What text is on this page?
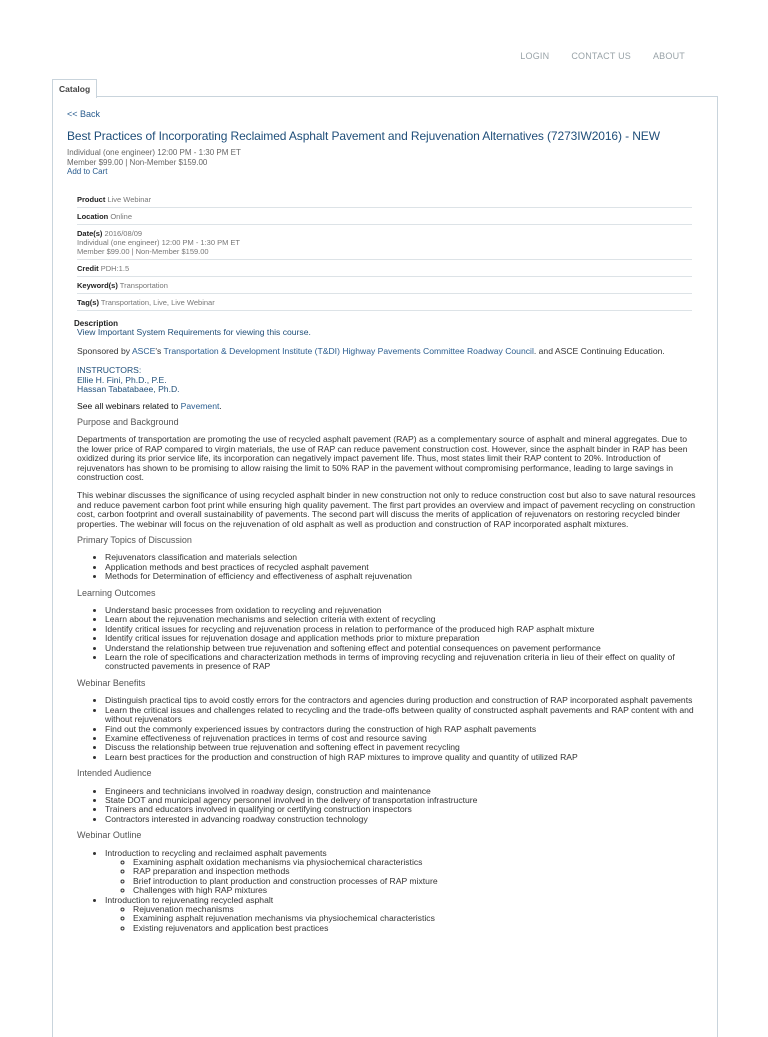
LOGIN CONTACT US ABOUT
Catalog
<< Back
Best Practices of Incorporating Reclaimed Asphalt Pavement and Rejuvenation Alternatives (7273IW2016) - NEW
Individual (one engineer) 12:00 PM - 1:30 PM ET
Member $99.00 | Non-Member $159.00
Add to Cart
Product Live Webinar
Location Online
Date(s) 2016/08/09
Individual (one engineer) 12:00 PM - 1:30 PM ET
Member $99.00 | Non-Member $159.00

Credit PDH:1.5
Keyword(s) Transportation
Tag(s) Transportation, Live, Live Webinar
Description

View Important System Requirements for viewing this course.

Sponsored by ASCE's Transportation & Development Institute (T&DI) Highway Pavements Committee Roadway Council. and ASCE Continuing Education.

INSTRUCTORS:

Ellie H. Fini, Ph.D., P.E.

Hassan Tabatabaee, Ph.D.

See all webinars related to Pavement.

Purpose and Background

Departments of transportation are promoting the use of recycled asphalt pavement (RAP) as a complementary source of asphalt and mineral aggregates. Due to the lower price of RAP compared to virgin materials, the use of RAP can reduce pavement construction cost. However, since the asphalt binder in RAP has been oxidized during its prior service life, its incorporation can negatively impact pavement life. Thus, most states limit their RAP content to 20%. Introduction of rejuvenators has shown to be promising to allow raising the limit to 50% RAP in the pavement without compromising performance, leading to large savings in construction cost.

This webinar discusses the significance of using recycled asphalt binder in new construction not only to reduce construction cost but also to save natural resources and reduce pavement carbon foot print while ensuring high quality pavement. The first part provides an overview and impact of pavement recycling on construction cost, carbon footprint and overall sustainability of pavements. The second part will discuss the merits of application of rejuvenators on restoring recycled binder properties. The webinar will focus on the rejuvenation of old asphalt as well as production and construction of RAP incorporated asphalt mixtures.

Primary Topics of Discussion
• Rejuvenators classification and materials selection
• Application methods and best practices of recycled asphalt pavement
• Methods for Determination of efficiency and effectiveness of asphalt rejuvenation
Learning Outcomes
• Understand basic processes from oxidation to recycling and rejuvenation
• Learn about the rejuvenation mechanisms and selection criteria with extent of recycling
• Identify critical issues for recycling and rejuvenation process in relation to performance of the produced high RAP asphalt mixture
• Identify critical issues for rejuvenation dosage and application methods prior to mixture preparation
• Understand the relationship between true rejuvenation and softening effect and potential consequences on pavement performance
• Learn the role of specifications and characterization methods in terms of improving recycling and rejuvenation criteria in lieu of their effect on quality of constructed pavements in presence of RAP
Webinar Benefits
• Distinguish practical tips to avoid costly errors for the contractors and agencies during production and construction of RAP incorporated asphalt pavements
• Learn the critical issues and challenges related to recycling and the trade-offs between quality of constructed asphalt pavements and RAP content with and without rejuvenators
• Find out the commonly experienced issues by contractors during the construction of high RAP asphalt pavements
• Examine effectiveness of rejuvenation practices in terms of cost and resource saving
• Discuss the relationship between true rejuvenation and softening effect in pavement recycling
• Learn best practices for the production and construction of high RAP mixtures to improve quality and quantity of utilized RAP
Intended Audience
• Engineers and technicians involved in roadway design, construction and maintenance
• State DOT and municipal agency personnel involved in the delivery of transportation infrastructure
• Trainers and educators involved in qualifying or certifying construction inspectors
• Contractors interested in advancing roadway construction technology
Webinar Outline
• Introduction to recycling and reclaimed asphalt pavements
◦ Examining asphalt oxidation mechanisms via physiochemical characteristics
◦ RAP preparation and inspection methods
◦ Brief introduction to plant production and construction processes of RAP mixture
◦ Challenges with high RAP mixtures
• Introduction to rejuvenating recycled asphalt
◦ Rejuvenation mechanisms
◦ Examining asphalt rejuvenation mechanisms via physiochemical characteristics
◦ Existing rejuvenators and application best practices
